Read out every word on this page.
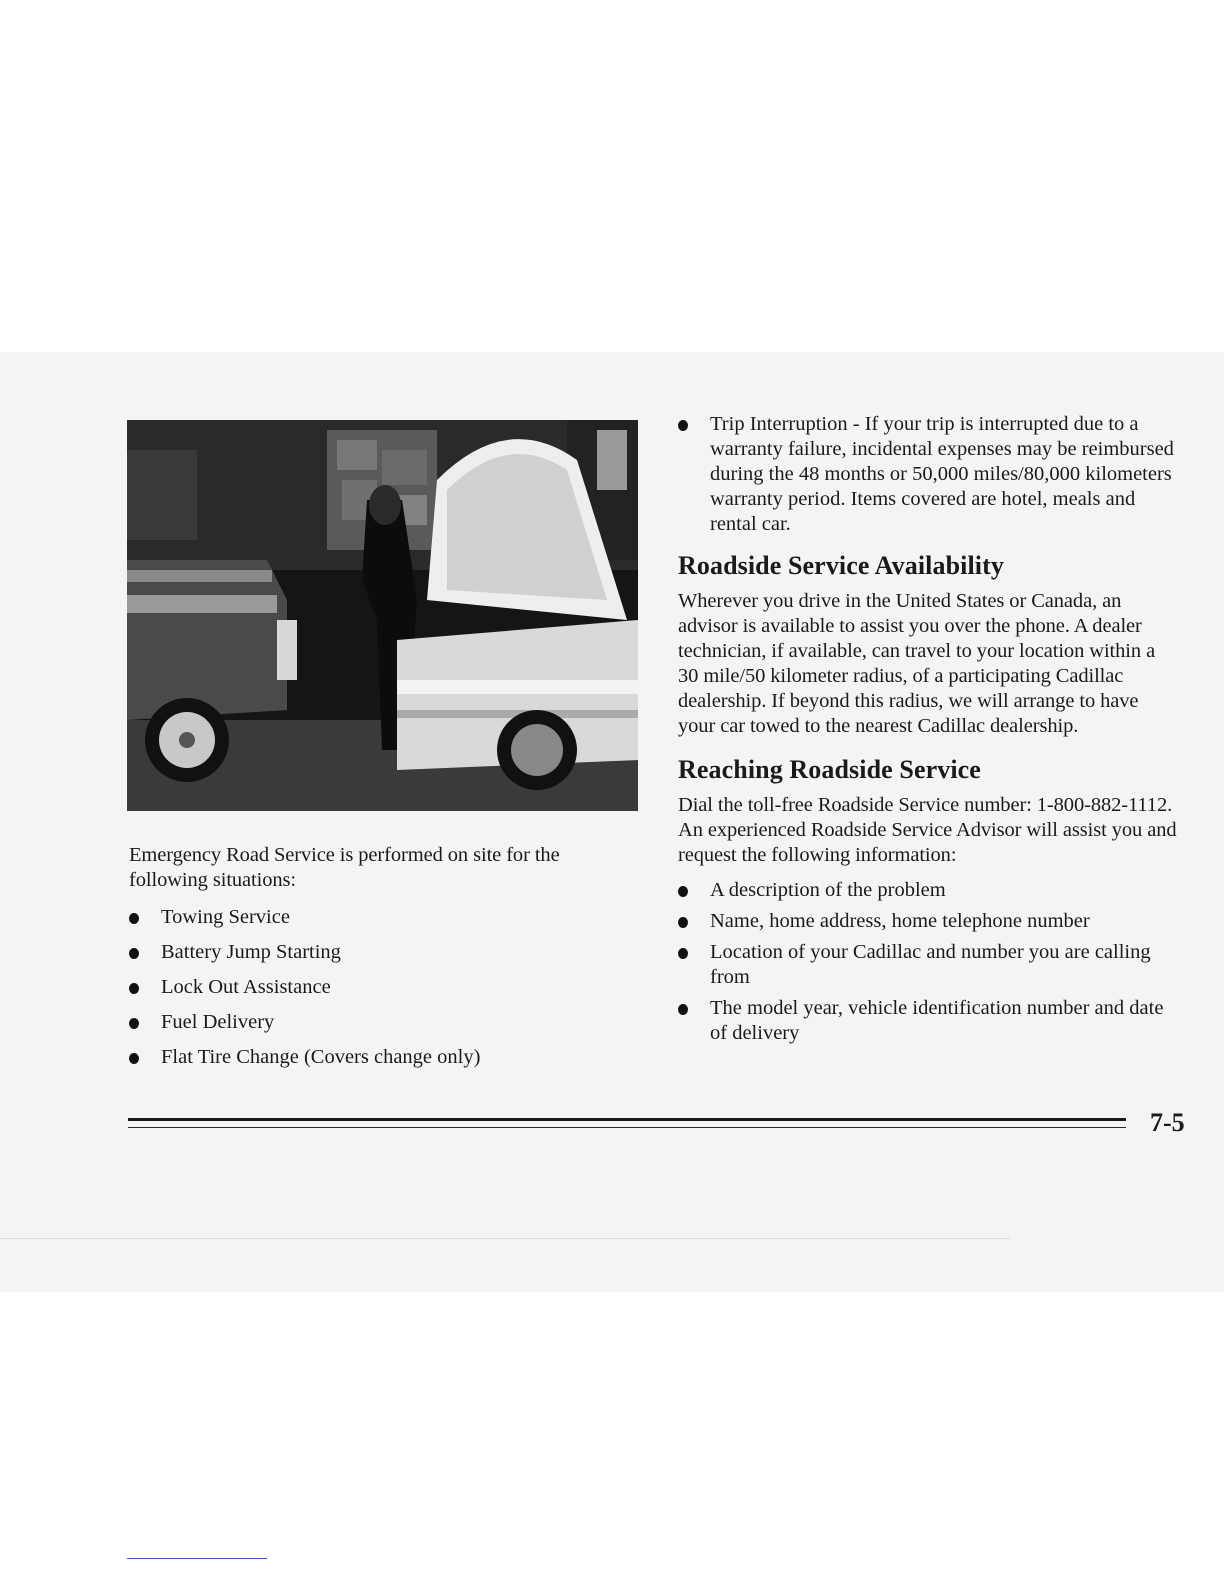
Emergency Road Service is performed on site for the following situations:

Towing Service
Battery Jump Starting
Lock Out Assistance
Fuel Delivery
Flat Tire Change (Covers change only)
Trip Interruption - If your trip is interrupted due to a warranty failure, incidental expenses may be reimbursed during the 48 months or 50,000 miles/80,000 kilometers warranty period. Items covered are hotel, meals and rental car.
Roadside Service Availability

Wherever you drive in the United States or Canada, an advisor is available to assist you over the phone. A dealer technician, if available, can travel to your location within a 30 mile/50 kilometer radius, of a participating Cadillac dealership. If beyond this radius, we will arrange to have your car towed to the nearest Cadillac dealership.

Reaching Roadside Service

Dial the toll-free Roadside Service number: 1-800-882-1112. An experienced Roadside Service Advisor will assist you and request the following information:

A description of the problem
Name, home address, home telephone number
Location of your Cadillac and number you are calling from
The model year, vehicle identification number and date of delivery
7-5
